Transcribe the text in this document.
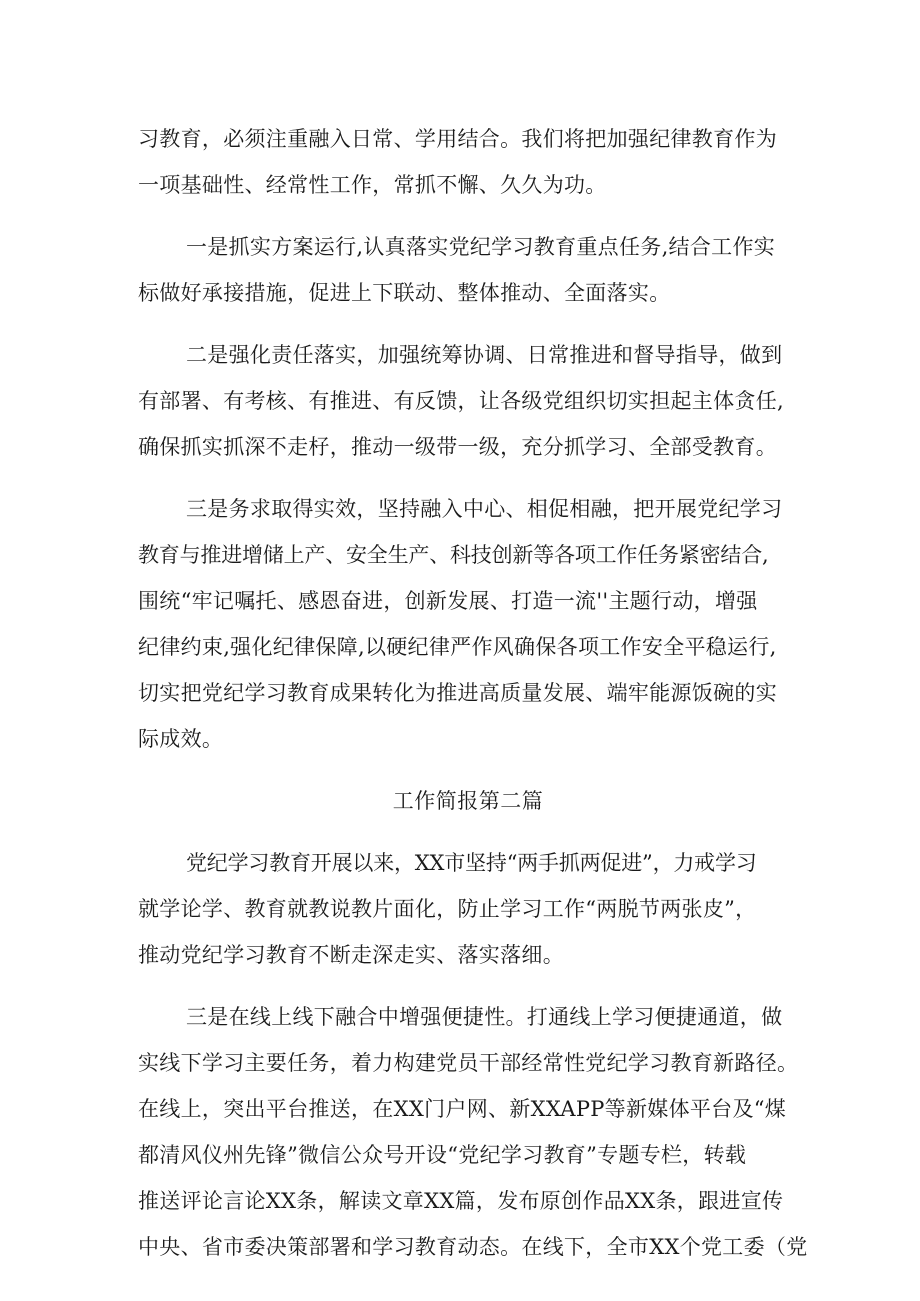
习教育，必须注重融入日常、学用结合。我们将把加强纪律教育作为
一项基础性、经常性工作，常抓不懈、久久为功。
一是抓实方案运行,认真落实党纪学习教育重点任务,结合工作实
标做好承接措施，促进上下联动、整体推动、全面落实。
二是强化责任落实，加强统筹协调、日常推进和督导指导，做到
有部署、有考核、有推进、有反馈，让各级党组织切实担起主体贪任,
确保抓实抓深不走杍，推动一级带一级，充分抓学习、全部受教育。
三是务求取得实效，坚持融入中心、相促相融，把开展党纪学习
教育与推进增储上产、安全生产、科技创新等各项工作任务紧密结合,
围统“牢记嘱托、感恩奋进，创新发展、打造一流''主题行动，增强
纪律约束,强化纪律保障,以硬纪律严作风确保各项工作安全平稳运行,
切实把党纪学习教育成果转化为推进高质量发展、端牢能源饭碗的实
际成效。
工作简报第二篇
党纪学习教育开展以来，XX市坚持“两手抓两促进”，力戒学习
就学论学、教育就教说教片面化，防止学习工作“两脱节两张皮”，
推动党纪学习教育不断走深走实、落实落细。
三是在线上线下融合中增强便捷性。打通线上学习便捷通道，做
实线下学习主要任务，着力构建党员干部经常性党纪学习教育新路径。
在线上，突出平台推送，在XX门户网、新XXAPP等新媒体平台及“煤
都清风仪州先锋”微信公众号开设“党纪学习教育”专题专栏，转载
推送评论言论XX条，解读文章XX篇，发布原创作品XX条，跟进宣传
中央、省市委决策部署和学习教育动态。在线下，全市XX个党工委（党
